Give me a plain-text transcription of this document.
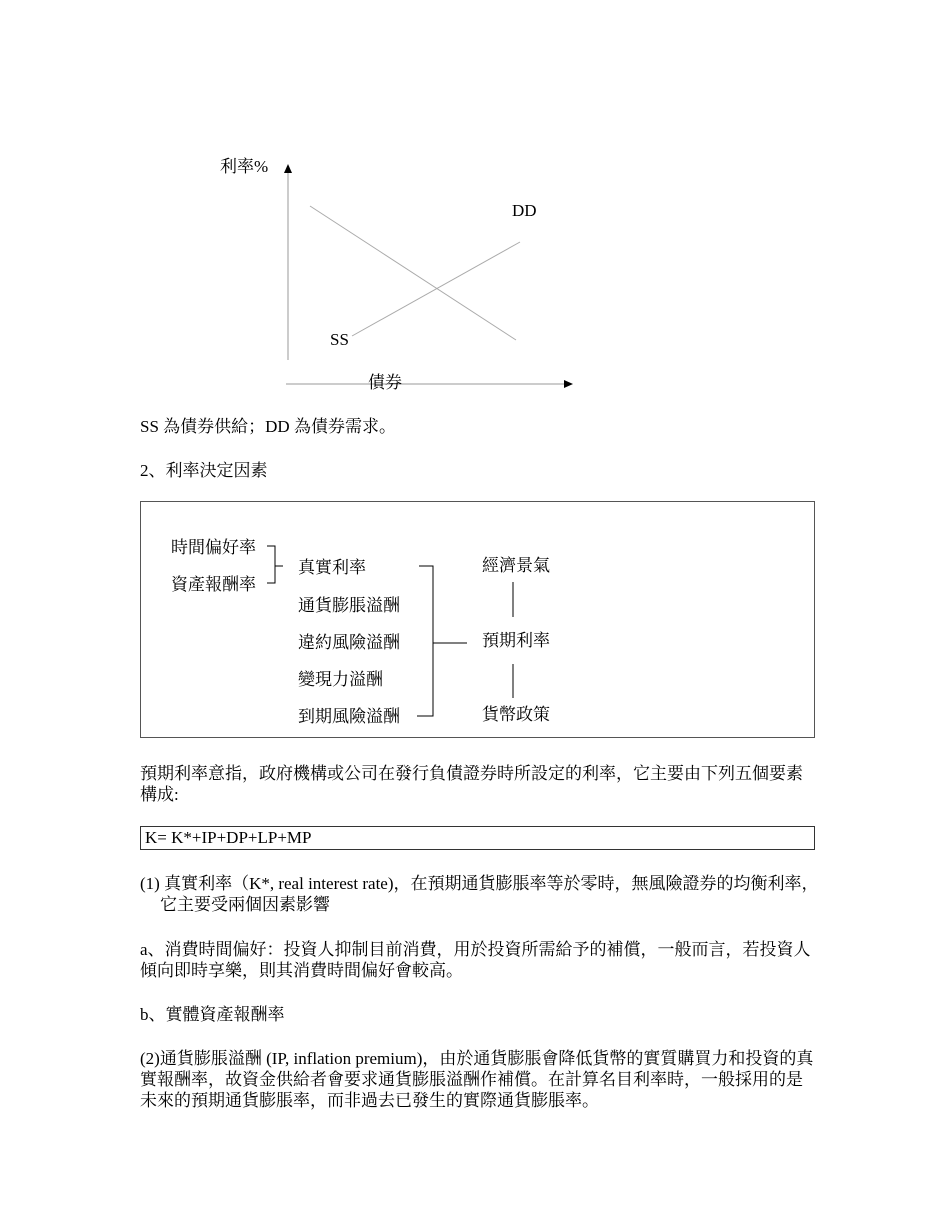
利率%
債券
DD
SS
SS 為債券供給；DD 為債券需求。
2、利率決定因素
時間偏好率
資產報酬率
真實利率
通貨膨脹溢酬
違約風險溢酬
變現力溢酬
到期風險溢酬
經濟景氣
預期利率
貨幣政策
預期利率意指，政府機構或公司在發行負債證券時所設定的利率，它主要由下列五個要素構成:
K= K*+IP+DP+LP+MP
(1) 真實利率（K*, real interest rate)，在預期通貨膨脹率等於零時，無風險證券的均衡利率，它主要受兩個因素影響
a、消費時間偏好：投資人抑制目前消費，用於投資所需給予的補償，一般而言，若投資人傾向即時享樂，則其消費時間偏好會較高。
b、實體資產報酬率
(2)通貨膨脹溢酬 (IP, inflation premium)，由於通貨膨脹會降低貨幣的實質購買力和投資的真實報酬率，故資金供給者會要求通貨膨脹溢酬作補償。在計算名目利率時，一般採用的是未來的預期通貨膨脹率，而非過去已發生的實際通貨膨脹率。
